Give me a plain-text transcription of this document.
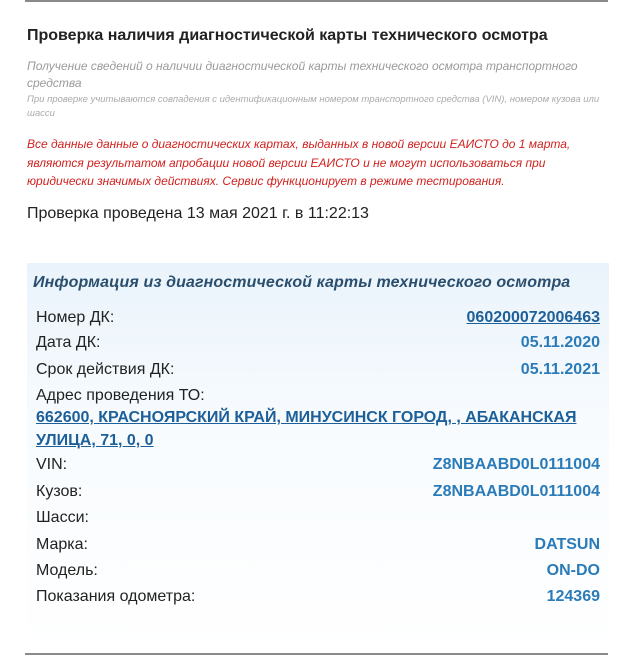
Проверка наличия диагностической карты технического осмотра
Получение сведений о наличии диагностической карты технического осмотра транспортного средства
При проверке учитываются совпадения с идентификационным номером транспортного средства (VIN), номером кузова или шасси
Все данные данные о диагностических картах, выданных в новой версии ЕАИСТО до 1 марта, являются результатом апробации новой версии ЕАИСТО и не могут использоваться при юридически значимых действиях. Сервис функционирует в режиме тестирования.
Проверка проведена 13 мая 2021 г. в 11:22:13
Информация из диагностической карты технического осмотра
Номер ДК:	060200072006463
Дата ДК:	05.11.2020
Срок действия ДК:	05.11.2021
Адрес проведения ТО:
662600, КРАСНОЯРСКИЙ КРАЙ, МИНУСИНСК ГОРОД, , АБАКАНСКАЯ УЛИЦА, 71, 0, 0
VIN:	Z8NBAABD0L0111004
Кузов:	Z8NBAABD0L0111004
Шасси:
Марка:	DATSUN
Модель:	ON-DO
Показания одометра:	124369
